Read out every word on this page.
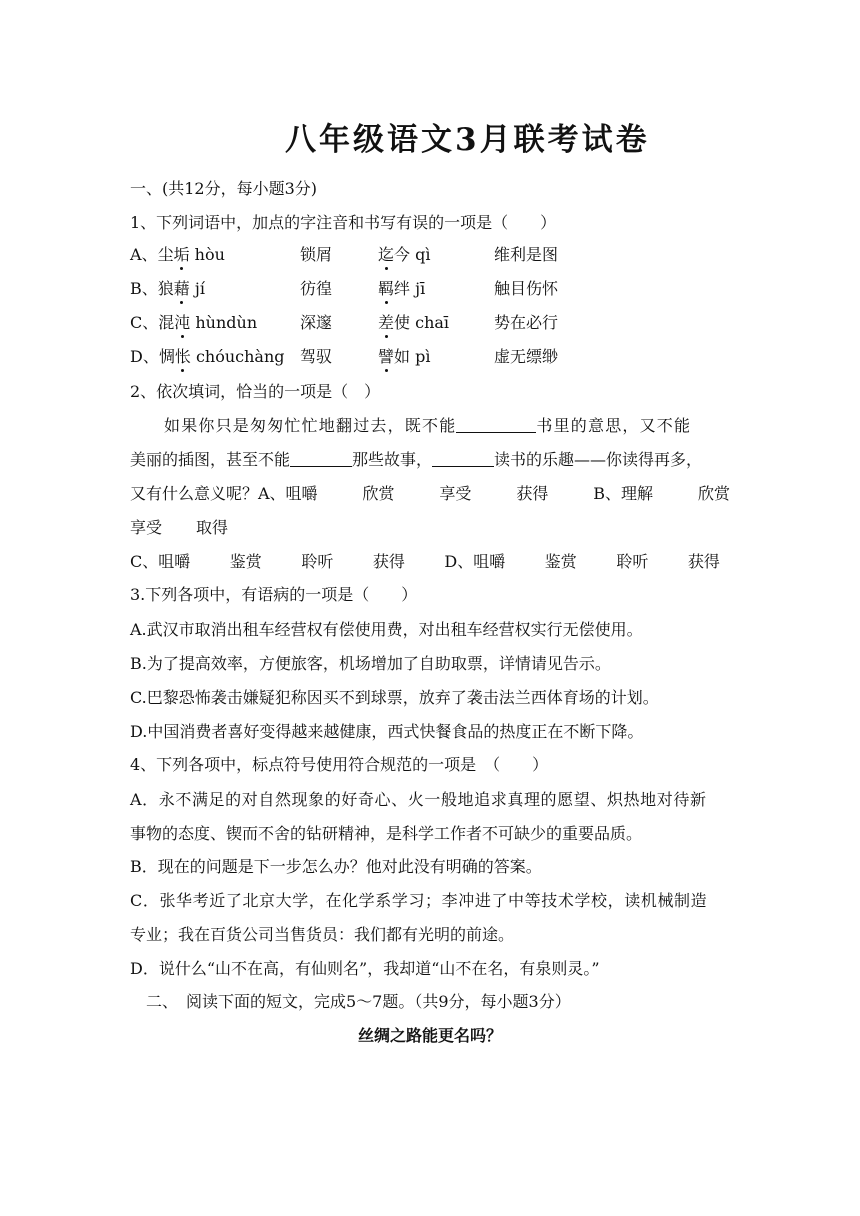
八年级语文3月联考试卷
一、(共12分，每小题3分)
1、下列词语中，加点的字注音和书写有误的一项是（　　）
A、尘垢 hòu	锁屑	迄今 qì	维利是图
B、狼藉 jí	彷徨	羁绊 jī	触目伤怀
C、混沌 hùndùn	深邃	差使 chaī	势在必行
D、惆怅 chóuchàng 驾驭	譬如 pì	虚无缥缈
2、依次填词，恰当的一项是（　）
如果你只是匆匆忙忙地翻过去，既不能	书里的意思，又不能
美丽的插图，甚至不能	那些故事，	读书的乐趣——你读得再多，
又有什么意义呢？A、咀嚼	欣赏	享受	获得	B、理解	欣赏
享受 取得
C、咀嚼 鉴赏 聆听 获得 D、咀嚼 鉴赏 聆听 获得
3.下列各项中，有语病的一项是（　　）
A.武汉市取消出租车经营权有偿使用费，对出租车经营权实行无偿使用。
B.为了提高效率，方便旅客，机场增加了自助取票，详情请见告示。
C.巴黎恐怖袭击嫌疑犯称因买不到球票，放弃了袭击法兰西体育场的计划。
D.中国消费者喜好变得越来越健康，西式快餐食品的热度正在不断下降。
4、下列各项中，标点符号使用符合规范的一项是　（　　）
A．永不满足的对自然现象的好奇心、火一般地追求真理的愿望、炽热地对待新
事物的态度、锲而不舍的钻研精神，是科学工作者不可缺少的重要品质。
B．现在的问题是下一步怎么办？他对此没有明确的答案。
C．张华考近了北京大学，在化学系学习；李冲进了中等技术学校，读机械制造
专业；我在百货公司当售货员：我们都有光明的前途。
D．说什么“山不在高，有仙则名”，我却道“山不在名，有泉则灵。”
二、　阅读下面的短文，完成5～7题。（共9分，每小题3分）
丝绸之路能更名吗？
